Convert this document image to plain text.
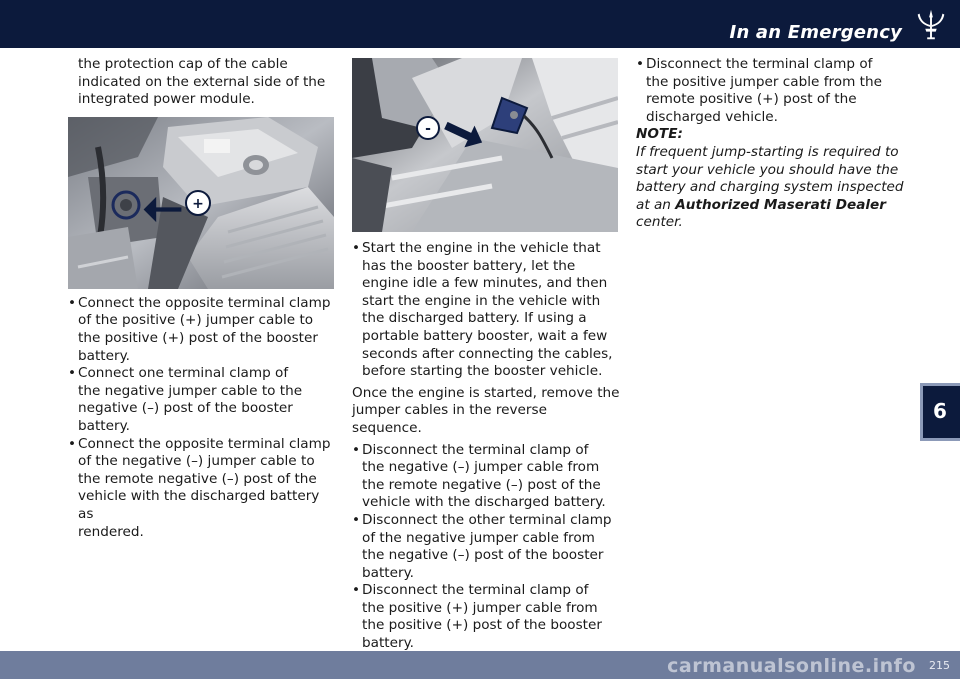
In an Emergency

the protection cap of the cable

indicated on the external side of the

integrated power module.

+

• Connect the opposite terminal clamp

of the positive (+) jumper cable to

the positive (+) post of the booster

battery.

• Connect one terminal clamp of

the negative jumper cable to the

negative (–) post of the booster

battery.

• Connect the opposite terminal clamp

of the negative (–) jumper cable to

the remote negative (–) post of the

vehicle with the discharged battery as

rendered.

-

• Start the engine in the vehicle that

has the booster battery, let the

engine idle a few minutes, and then

start the engine in the vehicle with

the discharged battery. If using a

portable battery booster, wait a few

seconds after connecting the cables,

before starting the booster vehicle.

Once the engine is started, remove the

jumper cables in the reverse sequence.

• Disconnect the terminal clamp of

the negative (–) jumper cable from

the remote negative (–) post of the

vehicle with the discharged battery.

• Disconnect the other terminal clamp

of the negative jumper cable from

the negative (–) post of the booster

battery.

• Disconnect the terminal clamp of

the positive (+) jumper cable from

the positive (+) post of the booster

battery.

• Disconnect the terminal clamp of

the positive jumper cable from the

remote positive (+) post of the

discharged vehicle.

NOTE:

If frequent jump-starting is required to

start your vehicle you should have the

battery and charging system inspected

at an Authorized Maserati Dealer

center.

6
carmanualsonline.info 215
